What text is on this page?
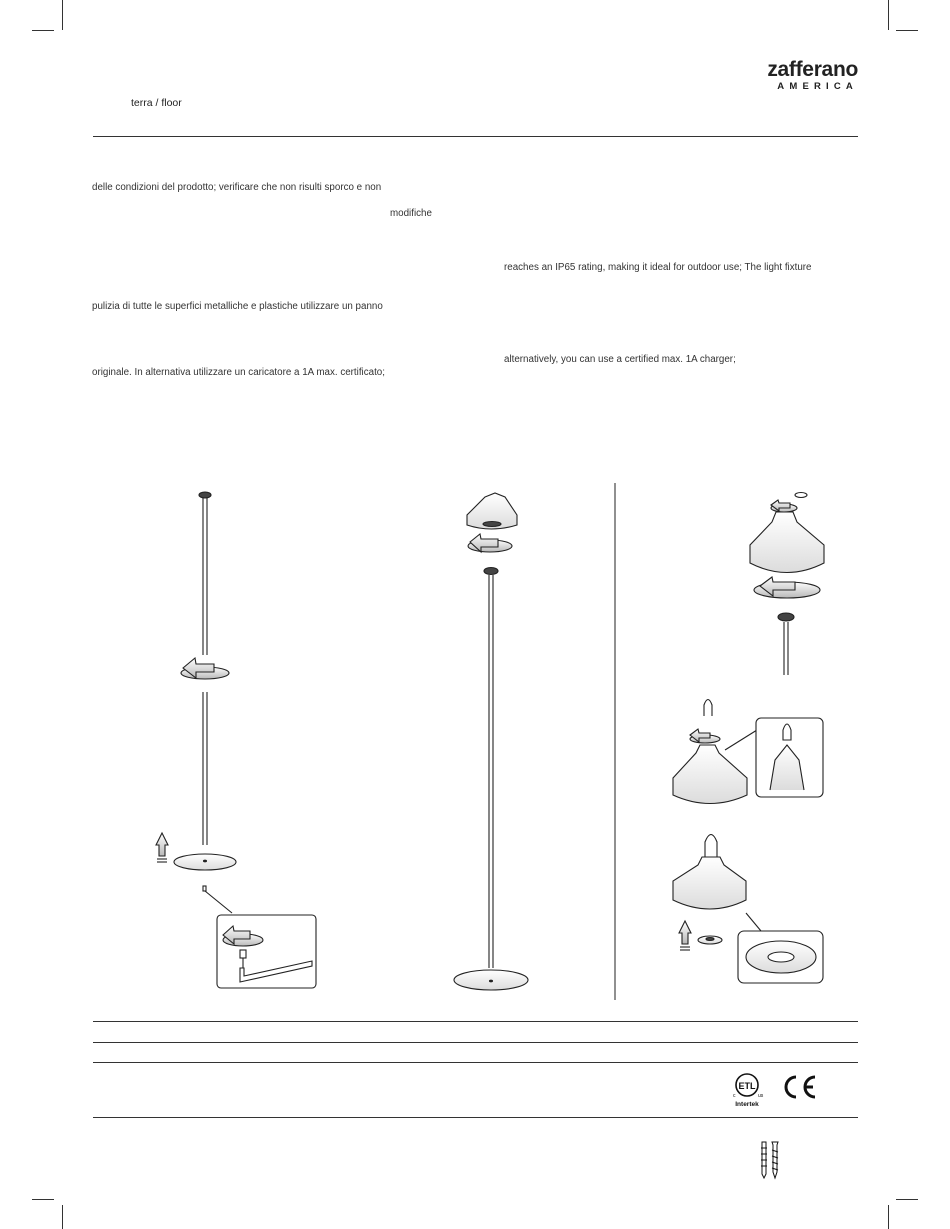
zafferano
AMERICA
terra / floor
delle condizioni del prodotto; verificare che non risulti sporco e non
modifiche
reaches an IP65 rating, making it ideal for outdoor use; The light fixture
pulizia di tutte le superfici metalliche e plastiche utilizzare un panno
alternatively, you can use a certified max. 1A charger;
originale. In alternativa utilizzare un caricatore a 1A max. certificato;
ETL
c	us
Intertek
